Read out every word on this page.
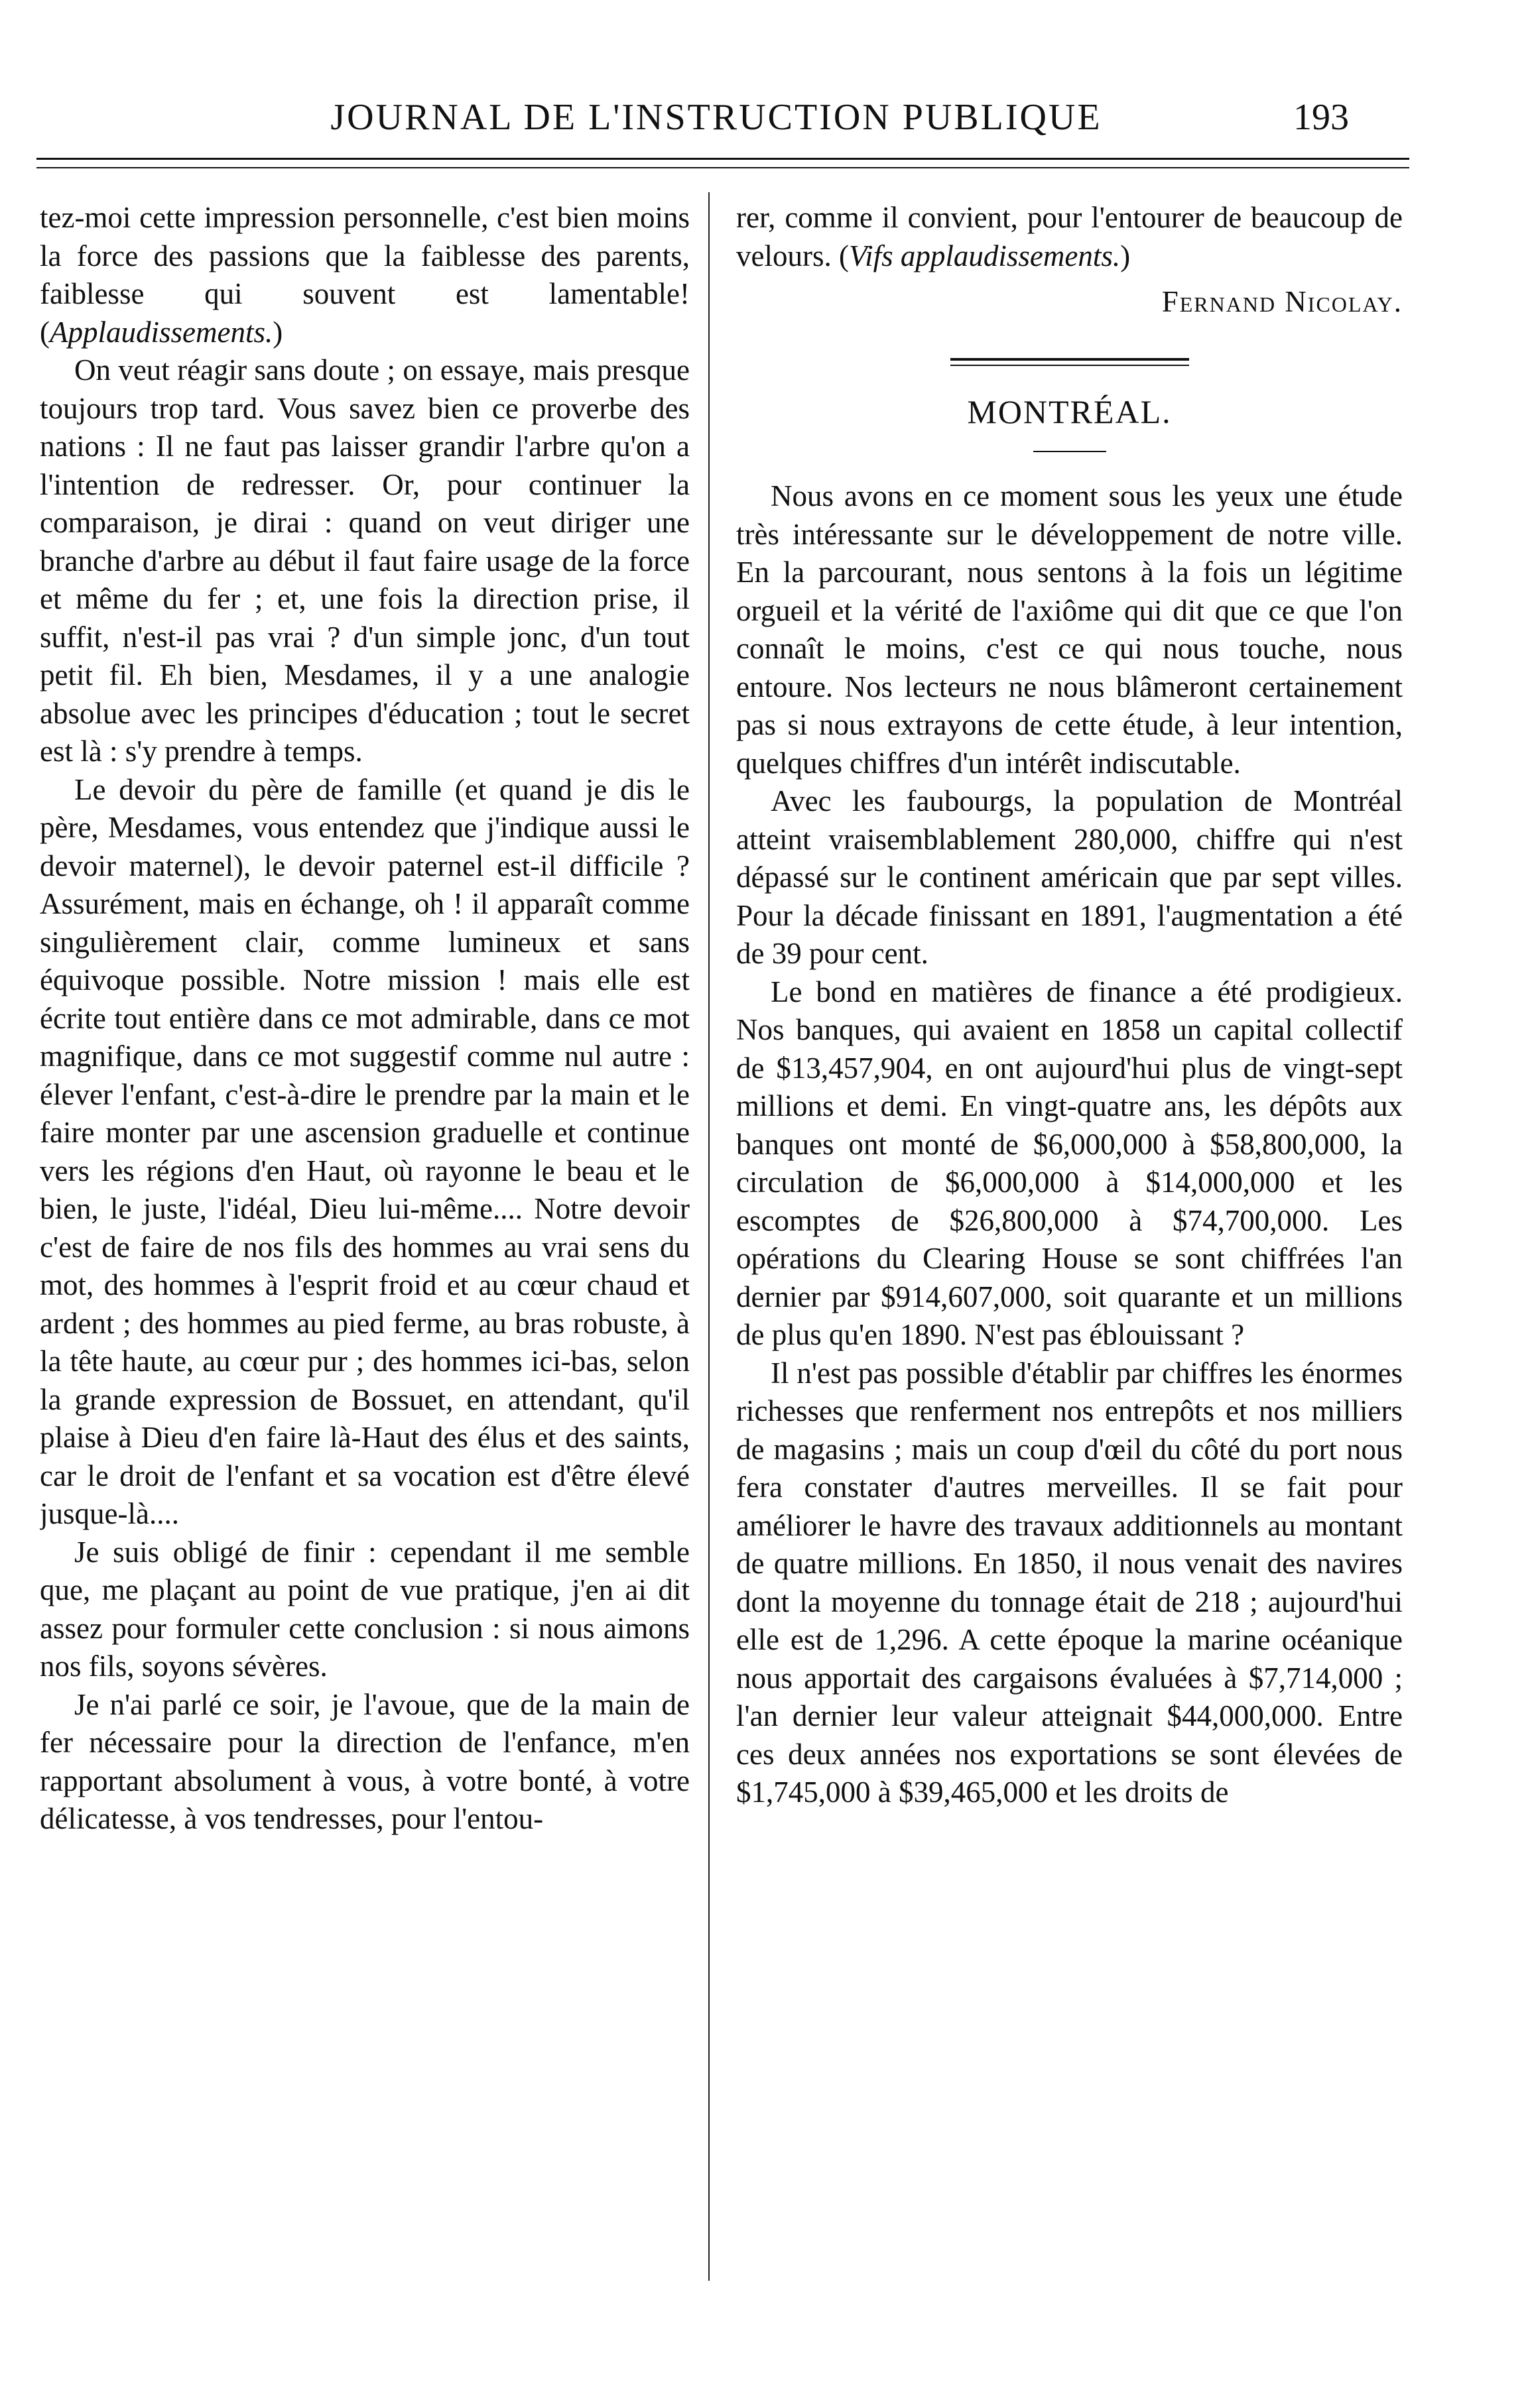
JOURNAL DE L'INSTRUCTION PUBLIQUE	193

tez-moi cette impression personnelle, c'est bien moins la force des passions que la faiblesse des parents, faiblesse qui souvent est lamentable! (Applaudissements.)

On veut réagir sans doute ; on essaye, mais presque toujours trop tard. Vous savez bien ce proverbe des nations : Il ne faut pas laisser grandir l'arbre qu'on a l'intention de redresser. Or, pour continuer la comparaison, je dirai : quand on veut diriger une branche d'arbre au début il faut faire usage de la force et même du fer ; et, une fois la direction prise, il suffit, n'est-il pas vrai ? d'un simple jonc, d'un tout petit fil. Eh bien, Mesdames, il y a une analogie absolue avec les principes d'éducation ; tout le secret est là : s'y prendre à temps.

Le devoir du père de famille (et quand je dis le père, Mesdames, vous entendez que j'indique aussi le devoir maternel), le devoir paternel est-il difficile ? Assurément, mais en échange, oh ! il apparaît comme singulièrement clair, comme lumineux et sans équivoque possible. Notre mission ! mais elle est écrite tout entière dans ce mot admirable, dans ce mot magnifique, dans ce mot suggestif comme nul autre : élever l'enfant, c'est-à-dire le prendre par la main et le faire monter par une ascension graduelle et continue vers les régions d'en Haut, où rayonne le beau et le bien, le juste, l'idéal, Dieu lui-même.... Notre devoir c'est de faire de nos fils des hommes au vrai sens du mot, des hommes à l'esprit froid et au cœur chaud et ardent ; des hommes au pied ferme, au bras robuste, à la tête haute, au cœur pur ; des hommes ici-bas, selon la grande expression de Bossuet, en attendant, qu'il plaise à Dieu d'en faire là-Haut des élus et des saints, car le droit de l'enfant et sa vocation est d'être élevé jusque-là....

Je suis obligé de finir : cependant il me semble que, me plaçant au point de vue pratique, j'en ai dit assez pour formuler cette conclusion : si nous aimons nos fils, soyons sévères.

Je n'ai parlé ce soir, je l'avoue, que de la main de fer nécessaire pour la direction de l'enfance, m'en rapportant absolument à vous, à votre bonté, à votre délicatesse, à vos tendresses, pour l'entou-

rer, comme il convient, pour l'entourer de beaucoup de velours. (Vifs applaudissements.)

Fernand Nicolay.
MONTRÉAL.

Nous avons en ce moment sous les yeux une étude très intéressante sur le développement de notre ville. En la parcourant, nous sentons à la fois un légitime orgueil et la vérité de l'axiôme qui dit que ce que l'on connaît le moins, c'est ce qui nous touche, nous entoure. Nos lecteurs ne nous blâmeront certainement pas si nous extrayons de cette étude, à leur intention, quelques chiffres d'un intérêt indiscutable.

Avec les faubourgs, la population de Montréal atteint vraisemblablement 280,000, chiffre qui n'est dépassé sur le continent américain que par sept villes. Pour la décade finissant en 1891, l'augmentation a été de 39 pour cent.

Le bond en matières de finance a été prodigieux. Nos banques, qui avaient en 1858 un capital collectif de $13,457,904, en ont aujourd'hui plus de vingt-sept millions et demi. En vingt-quatre ans, les dépôts aux banques ont monté de $6,000,000 à $58,800,000, la circulation de $6,000,000 à $14,000,000 et les escomptes de $26,800,000 à $74,700,000. Les opérations du Clearing House se sont chiffrées l'an dernier par $914,607,000, soit quarante et un millions de plus qu'en 1890. N'est pas éblouissant ?

Il n'est pas possible d'établir par chiffres les énormes richesses que renferment nos entrepôts et nos milliers de magasins ; mais un coup d'œil du côté du port nous fera constater d'autres merveilles. Il se fait pour améliorer le havre des travaux additionnels au montant de quatre millions. En 1850, il nous venait des navires dont la moyenne du tonnage était de 218 ; aujourd'hui elle est de 1,296. A cette époque la marine océanique nous apportait des cargaisons évaluées à $7,714,000 ; l'an dernier leur valeur atteignait $44,000,000. Entre ces deux années nos exportations se sont élevées de $1,745,000 à $39,465,000 et les droits de
